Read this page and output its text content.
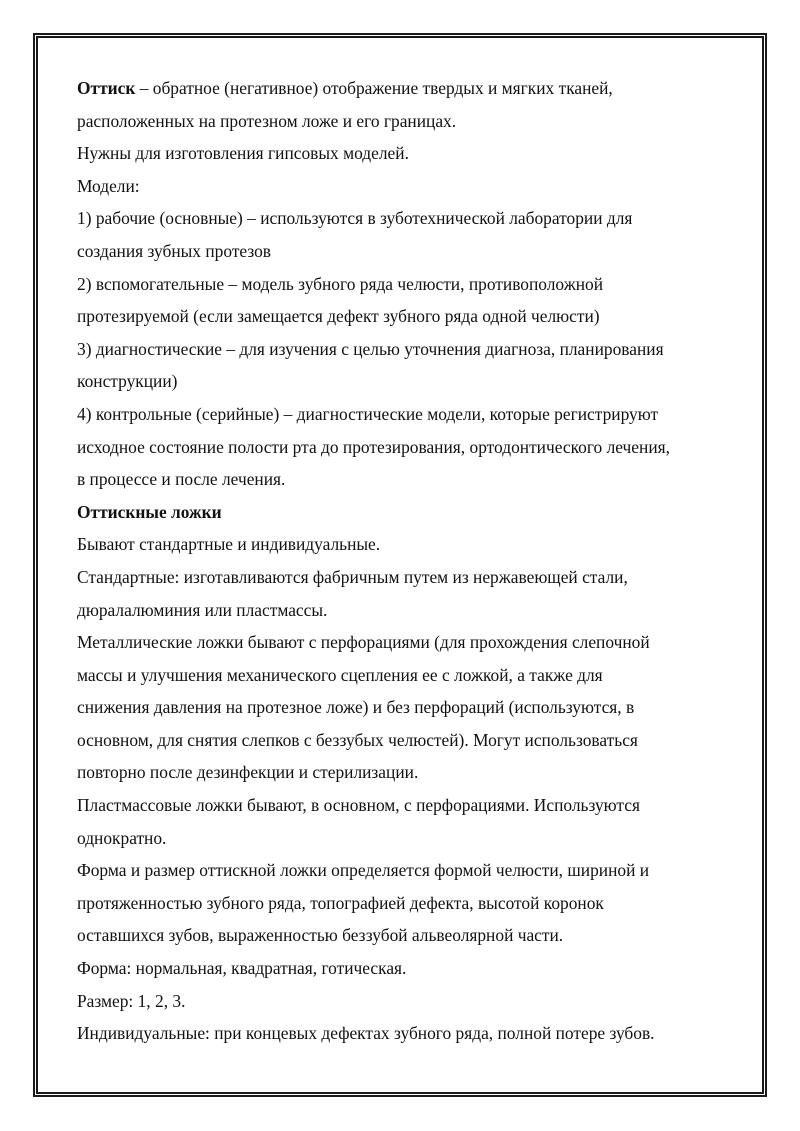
Оттиск – обратное (негативное) отображение твердых и мягких тканей,

расположенных на протезном ложе и его границах.

Нужны для изготовления гипсовых моделей.

Модели:

1) рабочие (основные) – используются в зуботехнической лаборатории для

создания зубных протезов

2) вспомогательные – модель зубного ряда челюсти, противоположной

протезируемой (если замещается дефект зубного ряда одной челюсти)

3) диагностические – для изучения с целью уточнения диагноза, планирования

конструкции)

4) контрольные (серийные) – диагностические модели, которые регистрируют

исходное состояние полости рта до протезирования, ортодонтического лечения,

в процессе и после лечения.

Оттискные ложки

Бывают стандартные и индивидуальные.

Стандартные: изготавливаются фабричным путем из нержавеющей стали,

дюралалюминия или пластмассы.

Металлические ложки бывают с перфорациями (для прохождения слепочной

массы и улучшения механического сцепления ее с ложкой, а также для

снижения давления на протезное ложе) и без перфораций (используются, в

основном, для снятия слепков с беззубых челюстей). Могут использоваться

повторно после дезинфекции и стерилизации.

Пластмассовые ложки бывают, в основном, с перфорациями. Используются

однократно.

Форма и размер оттискной ложки определяется формой челюсти, шириной и

протяженностью зубного ряда, топографией дефекта, высотой коронок

оставшихся зубов, выраженностью беззубой альвеолярной части.

Форма: нормальная, квадратная, готическая.

Размер: 1, 2, 3.

Индивидуальные: при концевых дефектах зубного ряда, полной потере зубов.
